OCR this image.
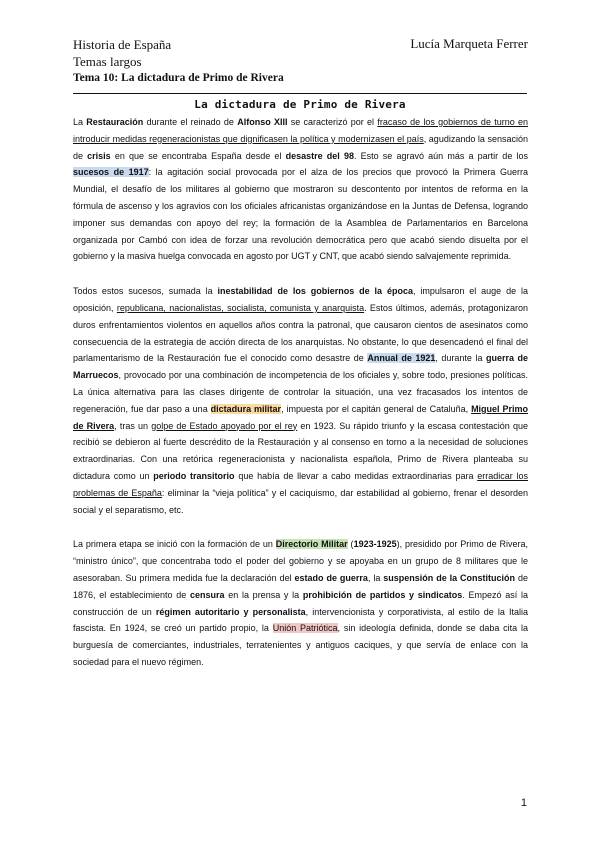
Historia de España
Temas largos
Tema 10: La dictadura de Primo de Rivera
Lucía Marqueta Ferrer
La dictadura de Primo de Rivera

La Restauración durante el reinado de Alfonso XIII se caracterizó por el fracaso de los gobiernos de turno en introducir medidas regeneracionistas que dignificasen la política y modernizasen el país, agudizando la sensación de crisis en que se encontraba España desde el desastre del 98. Esto se agravó aún más a partir de los sucesos de 1917: la agitación social provocada por el alza de los precios que provocó la Primera Guerra Mundial, el desafío de los militares al gobierno que mostraron su descontento por intentos de reforma en la fórmula de ascenso y los agravios con los oficiales africanistas organizándose en la Juntas de Defensa, logrando imponer sus demandas con apoyo del rey; la formación de la Asamblea de Parlamentarios en Barcelona organizada por Cambó con idea de forzar una revolución democrática pero que acabó siendo disuelta por el gobierno y la masiva huelga convocada en agosto por UGT y CNT, que acabó siendo salvajemente reprimida.

Todos estos sucesos, sumada la inestabilidad de los gobiernos de la época, impulsaron el auge de la oposición, republicana, nacionalistas, socialista, comunista y anarquista. Estos últimos, además, protagonizaron duros enfrentamientos violentos en aquellos años contra la patronal, que causaron cientos de asesinatos como consecuencia de la estrategia de acción directa de los anarquistas. No obstante, lo que desencadenó el final del parlamentarismo de la Restauración fue el conocido como desastre de Annual de 1921, durante la guerra de Marruecos, provocado por una combinación de incompetencia de los oficiales y, sobre todo, presiones políticas. La única alternativa para las clases dirigente de controlar la situación, una vez fracasados los intentos de regeneración, fue dar paso a una dictadura militar, impuesta por el capitán general de Cataluña, Miguel Primo de Rivera, tras un golpe de Estado apoyado por el rey en 1923. Su rápido triunfo y la escasa contestación que recibió se debieron al fuerte descrédito de la Restauración y al consenso en torno a la necesidad de soluciones extraordinarias. Con una retórica regeneracionista y nacionalista española, Primo de Rivera planteaba su dictadura como un periodo transitorio que había de llevar a cabo medidas extraordinarias para erradicar los problemas de España: eliminar la “vieja política” y el caciquismo, dar estabilidad al gobierno, frenar el desorden social y el separatismo, etc.

La primera etapa se inició con la formación de un Directorio Militar (1923-1925), presidido por Primo de Rivera, “ministro único”, que concentraba todo el poder del gobierno y se apoyaba en un grupo de 8 militares que le asesoraban. Su primera medida fue la declaración del estado de guerra, la suspensión de la Constitución de 1876, el establecimiento de censura en la prensa y la prohibición de partidos y sindicatos. Empezó así la construcción de un régimen autoritario y personalista, intervencionista y corporativista, al estilo de la Italia fascista. En 1924, se creó un partido propio, la Unión Patriótica, sin ideología definida, donde se daba cita la burguesía de comerciantes, industriales, terratenientes y antiguos caciques, y que servía de enlace con la sociedad para el nuevo régimen.

1
